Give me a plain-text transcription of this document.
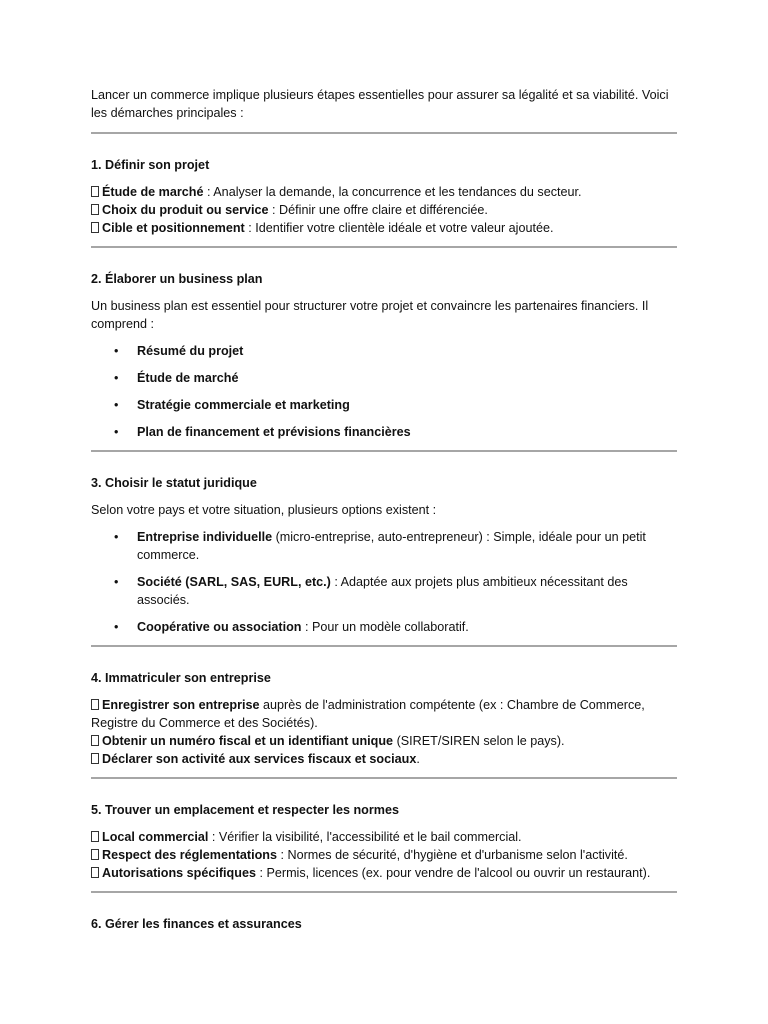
Lancer un commerce implique plusieurs étapes essentielles pour assurer sa légalité et sa viabilité. Voici les démarches principales :

1. Définir son projet

Étude de marché : Analyser la demande, la concurrence et les tendances du secteur.
Choix du produit ou service : Définir une offre claire et différenciée.
Cible et positionnement : Identifier votre clientèle idéale et votre valeur ajoutée.

2. Élaborer un business plan

Un business plan est essentiel pour structurer votre projet et convaincre les partenaires financiers. Il comprend :

• Résumé du projet
• Étude de marché
• Stratégie commerciale et marketing
• Plan de financement et prévisions financières

3. Choisir le statut juridique

Selon votre pays et votre situation, plusieurs options existent :

• Entreprise individuelle (micro-entreprise, auto-entrepreneur) : Simple, idéale pour un petit commerce.
• Société (SARL, SAS, EURL, etc.) : Adaptée aux projets plus ambitieux nécessitant des associés.
• Coopérative ou association : Pour un modèle collaboratif.

4. Immatriculer son entreprise

Enregistrer son entreprise auprès de l'administration compétente (ex : Chambre de Commerce, Registre du Commerce et des Sociétés).
Obtenir un numéro fiscal et un identifiant unique (SIRET/SIREN selon le pays).
Déclarer son activité aux services fiscaux et sociaux.

5. Trouver un emplacement et respecter les normes

Local commercial : Vérifier la visibilité, l'accessibilité et le bail commercial.
Respect des réglementations : Normes de sécurité, d'hygiène et d'urbanisme selon l'activité.
Autorisations spécifiques : Permis, licences (ex. pour vendre de l'alcool ou ouvrir un restaurant).

6. Gérer les finances et assurances
